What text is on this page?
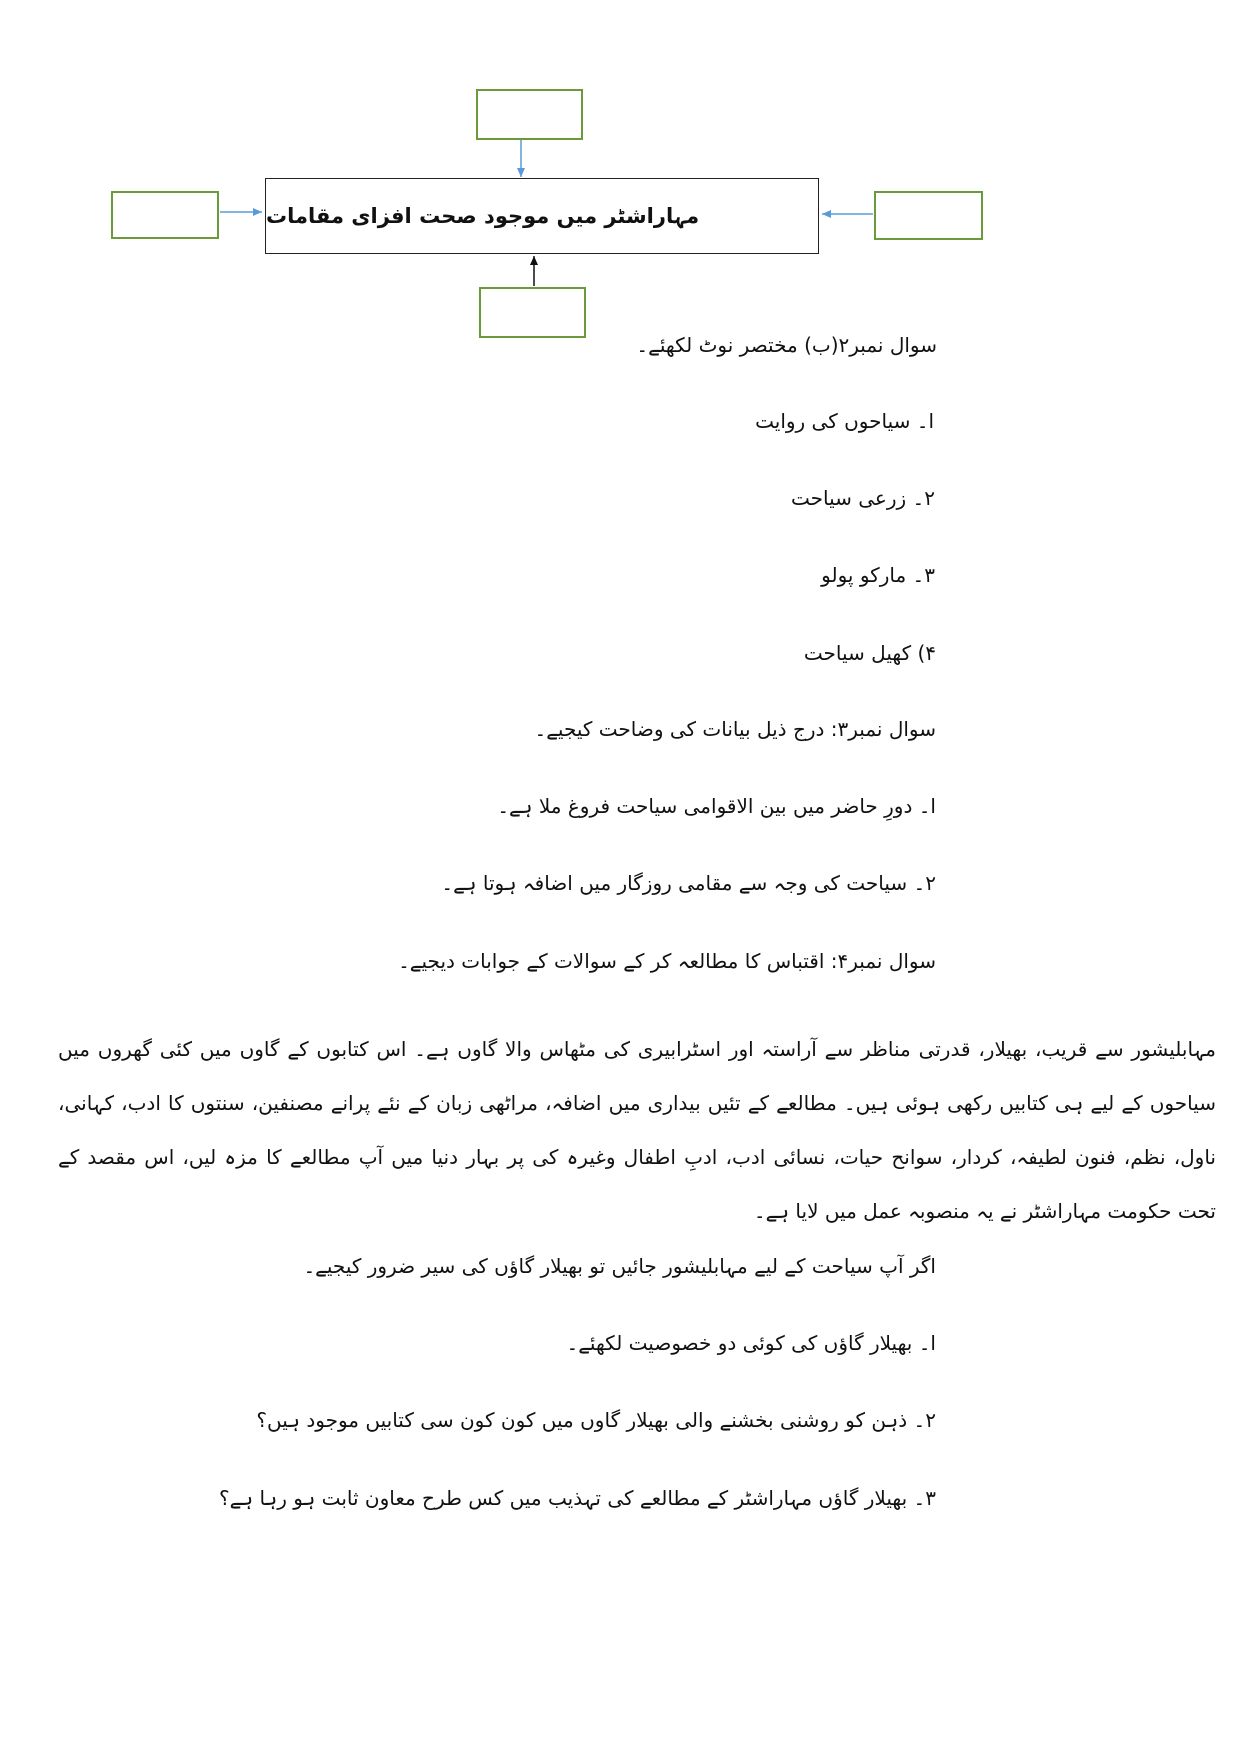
مہاراشٹر میں موجود صحت افزای مقامات

سوال نمبر۲(ب) مختصر نوٹ لکھئے۔

ا۔ سیاحوں کی روایت

۲۔ زرعی سیاحت

۳۔ مارکو پولو

۴) کھیل سیاحت

سوال نمبر۳: درج ذیل بیانات کی وضاحت کیجیے۔

ا۔ دورِ حاضر میں بین الاقوامی سیاحت فروغ ملا ہے۔

۲۔ سیاحت کی وجہ سے مقامی روزگار میں اضافہ ہوتا ہے۔

سوال نمبر۴: اقتباس کا مطالعہ کر کے سوالات کے جوابات دیجیے۔

مہابلیشور سے قریب، بھیلار، قدرتی مناظر سے آراستہ اور اسٹرابیری کی مٹھاس والا گاوں ہے۔ اس کتابوں کے گاوں میں کئی گھروں میں سیاحوں کے لیے ہی کتابیں رکھی ہوئی ہیں۔ مطالعے کے تئیں بیداری میں اضافہ، مراٹھی زبان کے نئے پرانے مصنفین، سنتوں کا ادب، کہانی، ناول، نظم، فنون لطیفہ، کردار، سوانح حیات، نسائی ادب، ادبِ اطفال وغیرہ کی پر بہار دنیا میں آپ مطالعے کا مزہ لیں، اس مقصد کے تحت حکومت مہاراشٹر نے یہ منصوبہ عمل میں لایا ہے۔

اگر آپ سیاحت کے لیے مہابلیشور جائیں تو بھیلار گاؤں کی سیر ضرور کیجیے۔

ا۔ بھیلار گاؤں کی کوئی دو خصوصیت لکھئے۔

۲۔ ذہن کو روشنی بخشنے والی بھیلار گاوں میں کون کون سی کتابیں موجود ہیں؟

۳۔ بھیلار گاؤں مہاراشٹر کے مطالعے کی تہذیب میں کس طرح معاون ثابت ہو رہا ہے؟
